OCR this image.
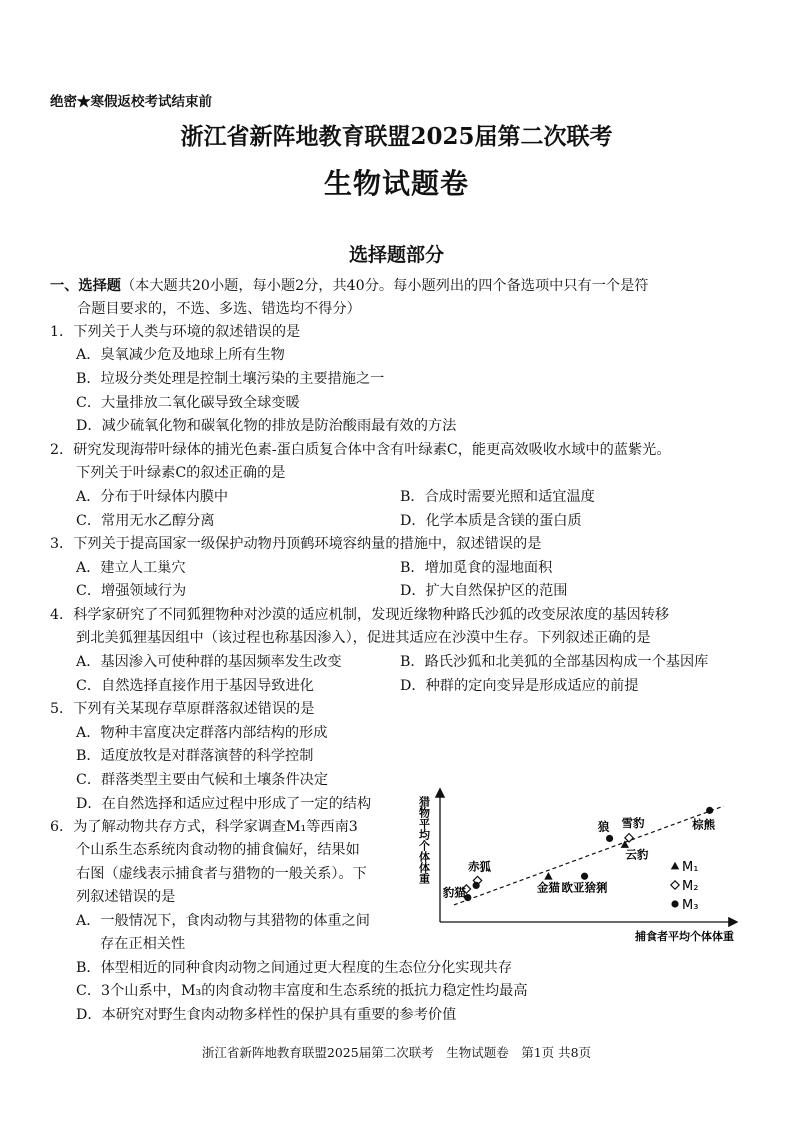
绝密★寒假返校考试结束前
浙江省新阵地教育联盟2025届第二次联考
生物试题卷
选择题部分
一、选择题（本大题共20小题，每小题2分，共40分。每小题列出的四个备选项中只有一个是符
合题目要求的，不选、多选、错选均不得分）
1．下列关于人类与环境的叙述错误的是
A．臭氧减少危及地球上所有生物
B．垃圾分类处理是控制土壤污染的主要措施之一
C．大量排放二氧化碳导致全球变暖
D．减少硫氧化物和碳氧化物的排放是防治酸雨最有效的方法
2．研究发现海带叶绿体的捕光色素-蛋白质复合体中含有叶绿素C，能更高效吸收水域中的蓝紫光。
下列关于叶绿素C的叙述正确的是
A．分布于叶绿体内膜中	B．合成时需要光照和适宜温度
C．常用无水乙醇分离	D．化学本质是含镁的蛋白质
3．下列关于提高国家一级保护动物丹顶鹤环境容纳量的措施中，叙述错误的是
A．建立人工巢穴	B．增加觅食的湿地面积
C．增强领域行为	D．扩大自然保护区的范围
4．科学家研究了不同狐狸物种对沙漠的适应机制，发现近缘物种路氏沙狐的改变尿浓度的基因转移
到北美狐狸基因组中（该过程也称基因渗入），促进其适应在沙漠中生存。下列叙述正确的是
A．基因渗入可使种群的基因频率发生改变	B．路氏沙狐和北美狐的全部基因构成一个基因库
C．自然选择直接作用于基因导致进化	D．种群的定向变异是形成适应的前提
5．下列有关某现存草原群落叙述错误的是
A．物种丰富度决定群落内部结构的形成
B．适度放牧是对群落演替的科学控制
C．群落类型主要由气候和土壤条件决定
D．在自然选择和适应过程中形成了一定的结构
6．为了解动物共存方式，科学家调查M₁等西南3
个山系生态系统肉食动物的捕食偏好，结果如
右图（虚线表示捕食者与猎物的一般关系）。下
列叙述错误的是
A．一般情况下，食肉动物与其猎物的体重之间
存在正相关性
B．体型相近的同种食肉动物之间通过更大程度的生态位分化实现共存
C．3个山系中，M₃的肉食动物丰富度和生态系统的抵抗力稳定性均最高
D．本研究对野生食肉动物多样性的保护具有重要的参考价值
猎物平均个体体重
捕食者平均个体体重
豹猫
赤狐
金猫 欧亚猞猁
狼 雪豹
云豹
棕熊
M₁
M₂
M₃
浙江省新阵地教育联盟2025届第二次联考　生物试题卷　第1页 共8页
